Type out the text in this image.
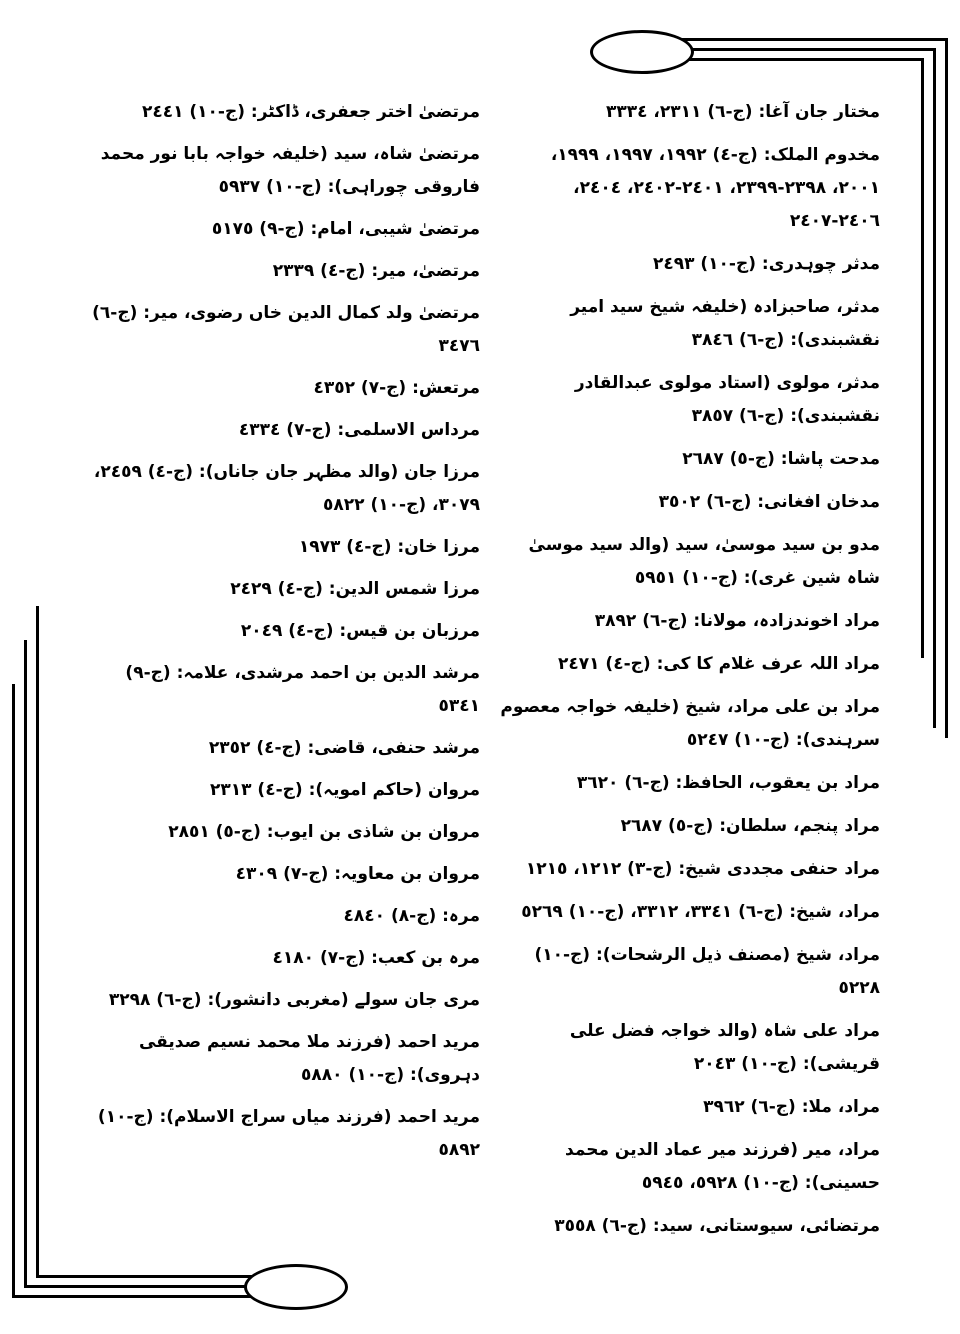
مختار جان آغا: (ج-٦) ٢٣١١، ٣٣٣٤
مخدوم الملک: (ج-٤) ١٩٩٢، ١٩٩٧، ١٩٩٩، ٢٠٠١، ٢٣٩٨-٢٣٩٩، ٢٤٠١-٢٤٠٢، ٢٤٠٤، ٢٤٠٦-٢٤٠٧
مدثر چوہدری: (ج-١٠) ٢٤٩٣
مدثر، صاحبزادہ (خلیفہ شیخ سید امیر نقشبندی): (ج-٦) ٣٨٤٦
مدثر، مولوی (استاد مولوی عبدالقادر نقشبندی): (ج-٦) ٣٨٥٧
مدحت پاشا: (ج-٥) ٢٦٨٧
مدخان افغانی: (ج-٦) ٣٥٠٢
مدو بن سید موسیٰ، سید (والد سید موسیٰ شاہ شین غری): (ج-١٠) ٥٩٥١
مراد اخوندزادہ، مولانا: (ج-٦) ٣٨٩٢
مراد اللہ عرف غلام کا کی: (ج-٤) ٢٤٧١
مراد بن علی مراد، شیخ (خلیفہ خواجہ معصوم سرہندی): (ج-١٠) ٥٢٤٧
مراد بن یعقوب، الحافظ: (ج-٦) ٣٦٢٠
مراد پنجم، سلطان: (ج-٥) ٢٦٨٧
مراد حنفی مجددی شیخ: (ج-٣) ١٢١٢، ١٢١٥
مراد، شیخ: (ج-٦) ٣٣٤١، ٣٣١٢، (ج-١٠) ٥٢٦٩
مراد، شیخ (مصنف ذیل الرشحات): (ج-١٠) ٥٢٢٨
مراد علی شاہ (والد خواجہ فضل علی قریشی): (ج-١٠) ٢٠٤٣
مراد، ملا: (ج-٦) ٣٩٦٢
مراد، میر (فرزند میر عماد الدین محمد حسینی): (ج-١٠) ٥٩٢٨، ٥٩٤٥
مرتضائی، سیوستانی، سید: (ج-٦) ٣٥٥٨
مرتضیٰ اختر جعفری، ڈاکٹر: (ج-١٠) ٢٤٤١
مرتضیٰ شاہ، سید (خلیفہ خواجہ بابا نور محمد فاروقی چوراہی): (ج-١٠) ٥٩٣٧
مرتضیٰ شیبی، امام: (ج-٩) ٥١٧٥
مرتضیٰ، میر: (ج-٤) ٢٣٣٩
مرتضیٰ ولد کمال الدین خاں رضوی، میر: (ج-٦) ٣٤٧٦
مرتعش: (ج-٧) ٤٣٥٢
مرداس الاسلمی: (ج-٧) ٤٣٣٤
مرزا جان (والد مظہر جان جاناں): (ج-٤) ٢٤٥٩، ٣٠٧٩، (ج-١٠) ٥٨٢٢
مرزا خان: (ج-٤) ١٩٧٣
مرزا شمس الدین: (ج-٤) ٢٤٢٩
مرزبان بن قیس: (ج-٤) ٢٠٤٩
مرشد الدین بن احمد مرشدی، علامہ: (ج-٩) ٥٣٤١
مرشد حنفی، قاضی: (ج-٤) ٢٣٥٢
مروان (حاکم امویہ): (ج-٤) ٢٣١٣
مروان بن شاذی بن ایوب: (ج-٥) ٢٨٥١
مروان بن معاویہ: (ج-٧) ٤٣٠٩
مرہ: (ج-٨) ٤٨٤٠
مرہ بن کعب: (ج-٧) ٤١٨٠
مری جان سولے (مغربی دانشور): (ج-٦) ٣٢٩٨
مرید احمد (فرزند ملا محمد نسیم صدیقی دہروی): (ج-١٠) ٥٨٨٠
مرید احمد (فرزند میاں سراج الاسلام): (ج-١٠) ٥٨٩٢
